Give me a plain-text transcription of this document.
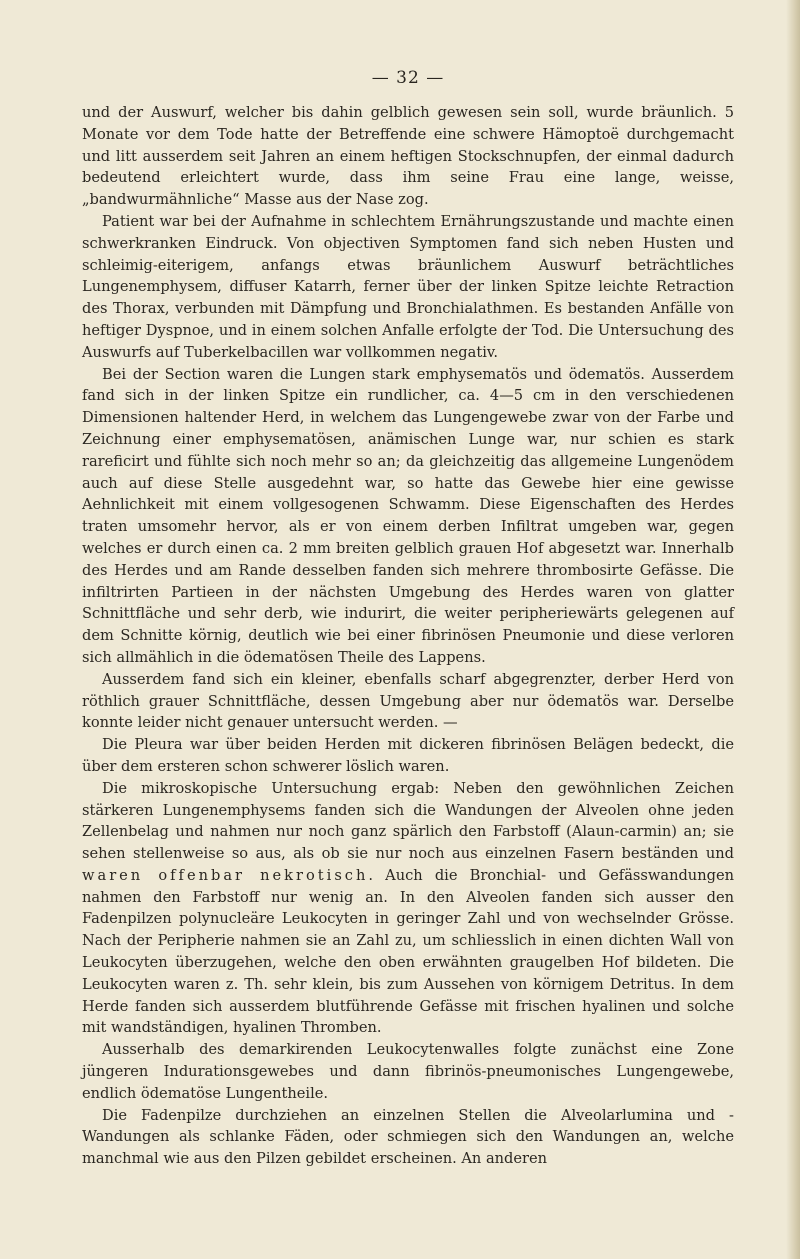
— 32 —

und der Auswurf, welcher bis dahin gelblich gewesen sein soll, wurde bräunlich. 5 Monate vor dem Tode hatte der Betreffende eine schwere Hämoptoë durchgemacht und litt ausserdem seit Jahren an einem heftigen Stockschnupfen, der einmal dadurch bedeutend erleichtert wurde, dass ihm seine Frau eine lange, weisse, „bandwurmähnliche“ Masse aus der Nase zog.

Patient war bei der Aufnahme in schlechtem Ernährungszustande und machte einen schwerkranken Eindruck. Von objectiven Symptomen fand sich neben Husten und schleimig-eiterigem, anfangs etwas bräunlichem Auswurf beträchtliches Lungenemphysem, diffuser Katarrh, ferner über der linken Spitze leichte Retraction des Thorax, verbunden mit Dämpfung und Bronchialathmen. Es bestanden Anfälle von heftiger Dyspnoe, und in einem solchen Anfalle erfolgte der Tod. Die Untersuchung des Auswurfs auf Tuberkelbacillen war vollkommen negativ.

Bei der Section waren die Lungen stark emphysematös und ödematös. Ausserdem fand sich in der linken Spitze ein rundlicher, ca. 4—5 cm in den verschiedenen Dimensionen haltender Herd, in welchem das Lungengewebe zwar von der Farbe und Zeichnung einer emphysematösen, anämischen Lunge war, nur schien es stark rareficirt und fühlte sich noch mehr so an; da gleichzeitig das allgemeine Lungenödem auch auf diese Stelle ausgedehnt war, so hatte das Gewebe hier eine gewisse Aehnlichkeit mit einem vollgesogenen Schwamm. Diese Eigenschaften des Herdes traten umsomehr hervor, als er von einem derben Infiltrat umgeben war, gegen welches er durch einen ca. 2 mm breiten gelblich grauen Hof abgesetzt war. Innerhalb des Herdes und am Rande desselben fanden sich mehrere thrombosirte Gefässe. Die infiltrirten Partieen in der nächsten Umgebung des Herdes waren von glatter Schnittfläche und sehr derb, wie indurirt, die weiter peripheriewärts gelegenen auf dem Schnitte körnig, deutlich wie bei einer fibrinösen Pneumonie und diese verloren sich allmählich in die ödematösen Theile des Lappens.

Ausserdem fand sich ein kleiner, ebenfalls scharf abgegrenzter, derber Herd von röthlich grauer Schnittfläche, dessen Umgebung aber nur ödematös war. Derselbe konnte leider nicht genauer untersucht werden. —

Die Pleura war über beiden Herden mit dickeren fibrinösen Belägen bedeckt, die über dem ersteren schon schwerer löslich waren.

Die mikroskopische Untersuchung ergab: Neben den gewöhnlichen Zeichen stärkeren Lungenemphysems fanden sich die Wandungen der Alveolen ohne jeden Zellenbelag und nahmen nur noch ganz spärlich den Farbstoff (Alaun-carmin) an; sie sehen stellenweise so aus, als ob sie nur noch aus einzelnen Fasern beständen und waren offenbar nekrotisch. Auch die Bronchial- und Gefässwandungen nahmen den Farbstoff nur wenig an. In den Alveolen fanden sich ausser den Fadenpilzen polynucleäre Leukocyten in geringer Zahl und von wechselnder Grösse. Nach der Peripherie nahmen sie an Zahl zu, um schliesslich in einen dichten Wall von Leukocyten überzugehen, welche den oben erwähnten graugelben Hof bildeten. Die Leukocyten waren z. Th. sehr klein, bis zum Aussehen von körnigem Detritus. In dem Herde fanden sich ausserdem blutführende Gefässe mit frischen hyalinen und solche mit wandständigen, hyalinen Thromben.

Ausserhalb des demarkirenden Leukocytenwalles folgte zunächst eine Zone jüngeren Indurationsgewebes und dann fibrinös-pneumonisches Lungengewebe, endlich ödematöse Lungentheile.

Die Fadenpilze durchziehen an einzelnen Stellen die Alveolarlumina und -Wandungen als schlanke Fäden, oder schmiegen sich den Wandungen an, welche manchmal wie aus den Pilzen gebildet erscheinen. An anderen
